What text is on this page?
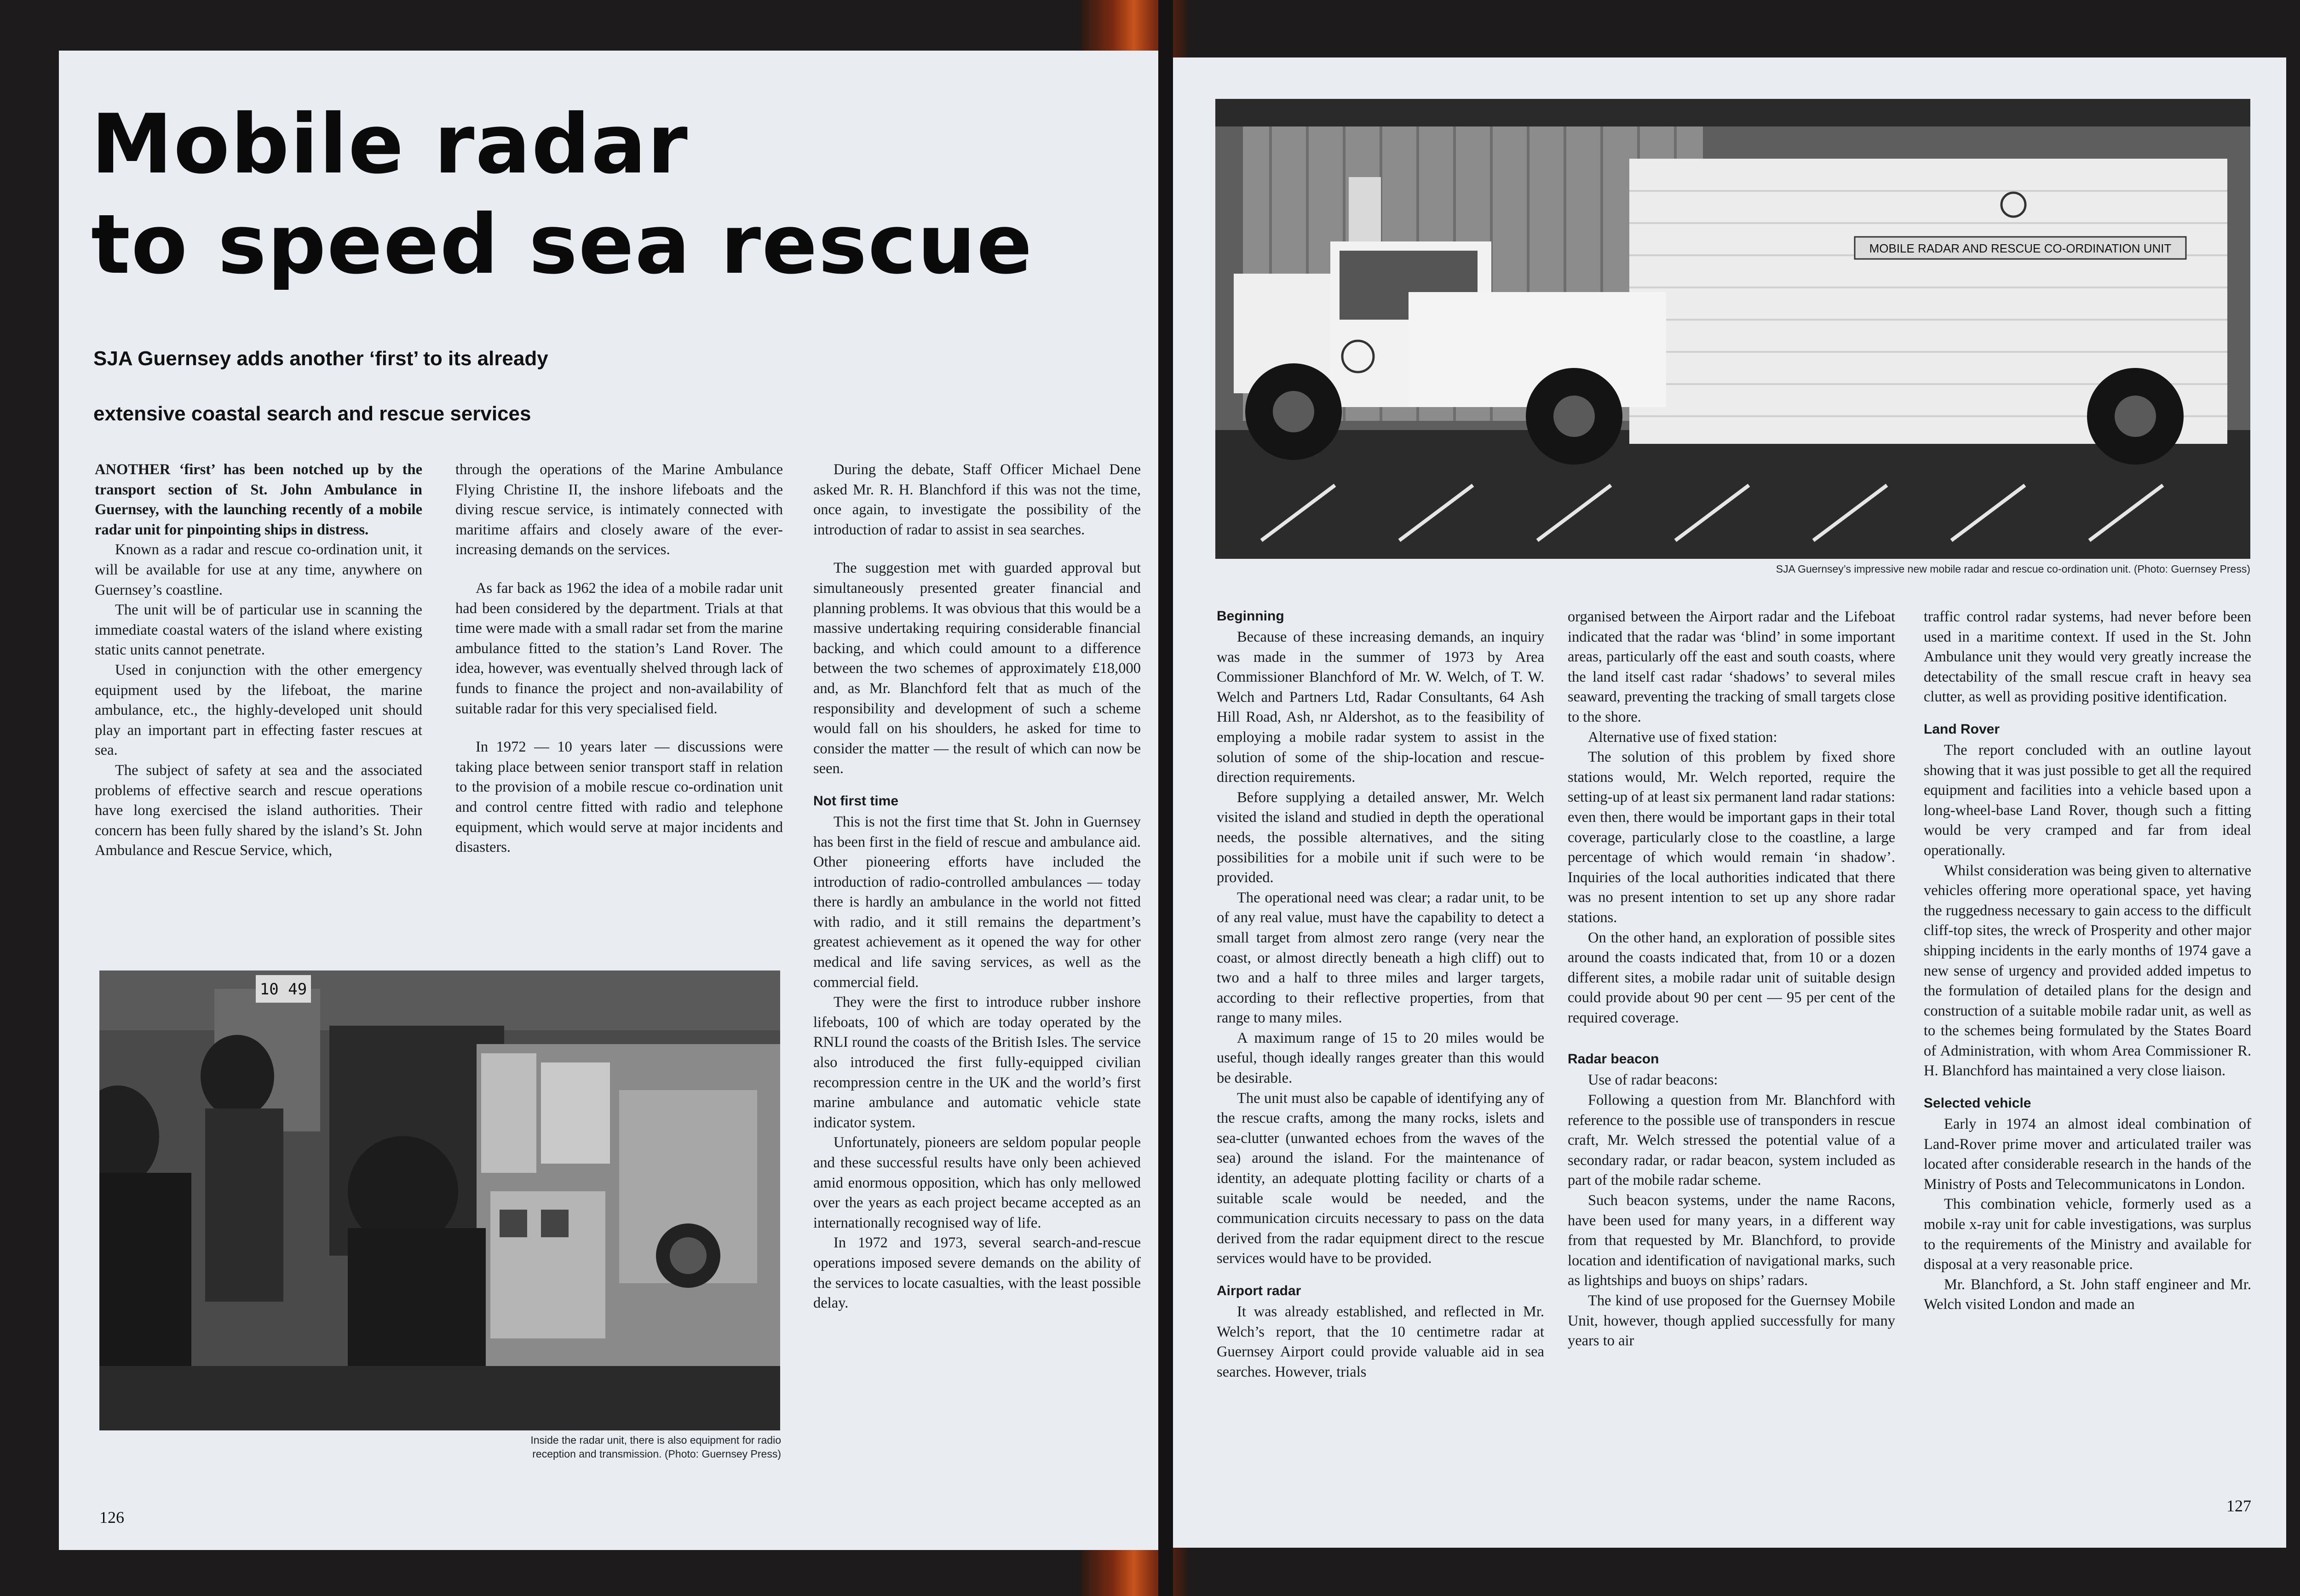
Mobile radar
to speed sea rescue
SJA Guernsey adds another ‘first’ to its already
extensive coastal search and rescue services

ANOTHER ‘first’ has been notched up by the transport section of St. John Ambulance in Guernsey, with the launching recently of a mobile radar unit for pinpointing ships in distress.

Known as a radar and rescue co-ordination unit, it will be available for use at any time, anywhere on Guernsey’s coastline.

The unit will be of particular use in scanning the immediate coastal waters of the island where existing static units cannot penetrate.

Used in conjunction with the other emergency equipment used by the lifeboat, the marine ambulance, etc., the highly-developed unit should play an important part in effecting faster rescues at sea.

The subject of safety at sea and the associated problems of effective search and rescue operations have long exercised the island authorities. Their concern has been fully shared by the island’s St. John Ambulance and Rescue Service, which,

through the operations of the Marine Ambulance Flying Christine II, the inshore lifeboats and the diving rescue service, is intimately connected with maritime affairs and closely aware of the ever-increasing demands on the services.

As far back as 1962 the idea of a mobile radar unit had been considered by the department. Trials at that time were made with a small radar set from the marine ambulance fitted to the station’s Land Rover. The idea, however, was eventually shelved through lack of funds to finance the project and non-availability of suitable radar for this very specialised field.

In 1972 — 10 years later — discussions were taking place between senior transport staff in relation to the provision of a mobile rescue co-ordination unit and control centre fitted with radio and telephone equipment, which would serve at major incidents and disasters.

During the debate, Staff Officer Michael Dene asked Mr. R. H. Blanchford if this was not the time, once again, to investigate the possibility of the introduction of radar to assist in sea searches.

The suggestion met with guarded approval but simultaneously presented greater financial and planning problems. It was obvious that this would be a massive undertaking requiring considerable financial backing, and which could amount to a difference between the two schemes of approximately £18,000 and, as Mr. Blanchford felt that as much of the responsibility and development of such a scheme would fall on his shoulders, he asked for time to consider the matter — the result of which can now be seen.

Not first time

This is not the first time that St. John in Guernsey has been first in the field of rescue and ambulance aid. Other pioneering efforts have included the introduction of radio-controlled ambulances — today there is hardly an ambulance in the world not fitted with radio, and it still remains the department’s greatest achievement as it opened the way for other medical and life saving services, as well as the commercial field.

They were the first to introduce rubber inshore lifeboats, 100 of which are today operated by the RNLI round the coasts of the British Isles. The service also introduced the first fully-equipped civilian recompression centre in the UK and the world’s first marine ambulance and automatic vehicle state indicator system.

Unfortunately, pioneers are seldom popular people and these successful results have only been achieved amid enormous opposition, which has only mellowed over the years as each project became accepted as an internationally recognised way of life.

In 1972 and 1973, several search-and-rescue operations imposed severe demands on the ability of the services to locate casualties, with the least possible delay.

10 49
Inside the radar unit, there is also equipment for radio reception and transmission. (Photo: Guernsey Press)
126
MOBILE RADAR AND RESCUE CO-ORDINATION UNIT
SJA Guernsey’s impressive new mobile radar and rescue co-ordination unit. (Photo: Guernsey Press)
Beginning

Because of these increasing demands, an inquiry was made in the summer of 1973 by Area Commissioner Blanchford of Mr. W. Welch, of T. W. Welch and Partners Ltd, Radar Consultants, 64 Ash Hill Road, Ash, nr Aldershot, as to the feasibility of employing a mobile radar system to assist in the solution of some of the ship-location and rescue-direction requirements.

Before supplying a detailed answer, Mr. Welch visited the island and studied in depth the operational needs, the possible alternatives, and the siting possibilities for a mobile unit if such were to be provided.

The operational need was clear; a radar unit, to be of any real value, must have the capability to detect a small target from almost zero range (very near the coast, or almost directly beneath a high cliff) out to two and a half to three miles and larger targets, according to their reflective properties, from that range to many miles.

A maximum range of 15 to 20 miles would be useful, though ideally ranges greater than this would be desirable.

The unit must also be capable of identifying any of the rescue crafts, among the many rocks, islets and sea-clutter (unwanted echoes from the waves of the sea) around the island. For the maintenance of identity, an adequate plotting facility or charts of a suitable scale would be needed, and the communication circuits necessary to pass on the data derived from the radar equipment direct to the rescue services would have to be provided.

Airport radar

It was already established, and reflected in Mr. Welch’s report, that the 10 centimetre radar at Guernsey Airport could provide valuable aid in sea searches. However, trials

organised between the Airport radar and the Lifeboat indicated that the radar was ‘blind’ in some important areas, particularly off the east and south coasts, where the land itself cast radar ‘shadows’ to several miles seaward, preventing the tracking of small targets close to the shore.

Alternative use of fixed station:

The solution of this problem by fixed shore stations would, Mr. Welch reported, require the setting-up of at least six permanent land radar stations: even then, there would be important gaps in their total coverage, particularly close to the coastline, a large percentage of which would remain ‘in shadow’. Inquiries of the local authorities indicated that there was no present intention to set up any shore radar stations.

On the other hand, an exploration of possible sites around the coasts indicated that, from 10 or a dozen different sites, a mobile radar unit of suitable design could provide about 90 per cent — 95 per cent of the required coverage.

Radar beacon

Use of radar beacons:

Following a question from Mr. Blanchford with reference to the possible use of transponders in rescue craft, Mr. Welch stressed the potential value of a secondary radar, or radar beacon, system included as part of the mobile radar scheme.

Such beacon systems, under the name Racons, have been used for many years, in a different way from that requested by Mr. Blanchford, to provide location and identification of navigational marks, such as lightships and buoys on ships’ radars.

The kind of use proposed for the Guernsey Mobile Unit, however, though applied successfully for many years to air

traffic control radar systems, had never before been used in a maritime context. If used in the St. John Ambulance unit they would very greatly increase the detectability of the small rescue craft in heavy sea clutter, as well as providing positive identification.

Land Rover

The report concluded with an outline layout showing that it was just possible to get all the required equipment and facilities into a vehicle based upon a long-wheel-base Land Rover, though such a fitting would be very cramped and far from ideal operationally.

Whilst consideration was being given to alternative vehicles offering more operational space, yet having the ruggedness necessary to gain access to the difficult cliff-top sites, the wreck of Prosperity and other major shipping incidents in the early months of 1974 gave a new sense of urgency and provided added impetus to the formulation of detailed plans for the design and construction of a suitable mobile radar unit, as well as to the schemes being formulated by the States Board of Administration, with whom Area Commissioner R. H. Blanchford has maintained a very close liaison.

Selected vehicle

Early in 1974 an almost ideal combination of Land-Rover prime mover and articulated trailer was located after considerable research in the hands of the Ministry of Posts and Telecommunicatons in London.

This combination vehicle, formerly used as a mobile x-ray unit for cable investigations, was surplus to the requirements of the Ministry and available for disposal at a very reasonable price.

Mr. Blanchford, a St. John staff engineer and Mr. Welch visited London and made an

127
